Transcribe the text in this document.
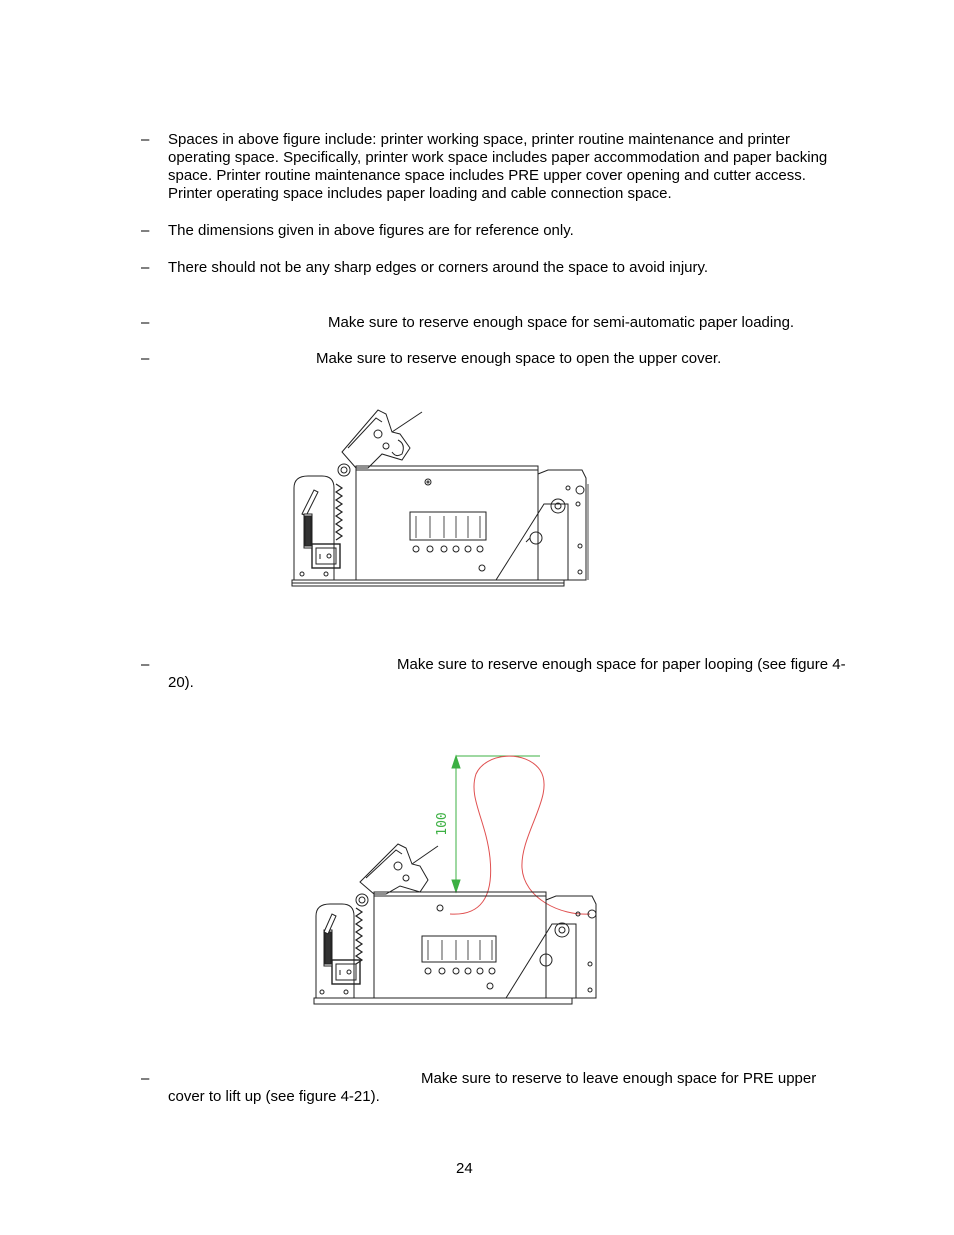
–	Spaces in above figure include: printer working space, printer routine maintenance and printer operating space. Specifically, printer work space includes paper accommodation and paper backing space. Printer routine maintenance space includes PRE upper cover opening and cutter access. Printer operating space includes paper loading and cable connection space.
–	The dimensions given in above figures are for reference only.
–	There should not be any sharp edges or corners around the space to avoid injury.
–	Make sure to reserve enough space for semi-automatic paper loading.
–	Make sure to reserve enough space to open the upper cover.
–	Make sure to reserve enough space for paper looping (see figure 4-20).
100
–	Make sure to reserve to leave enough space for PRE upper cover to lift up (see figure 4-21).
24
